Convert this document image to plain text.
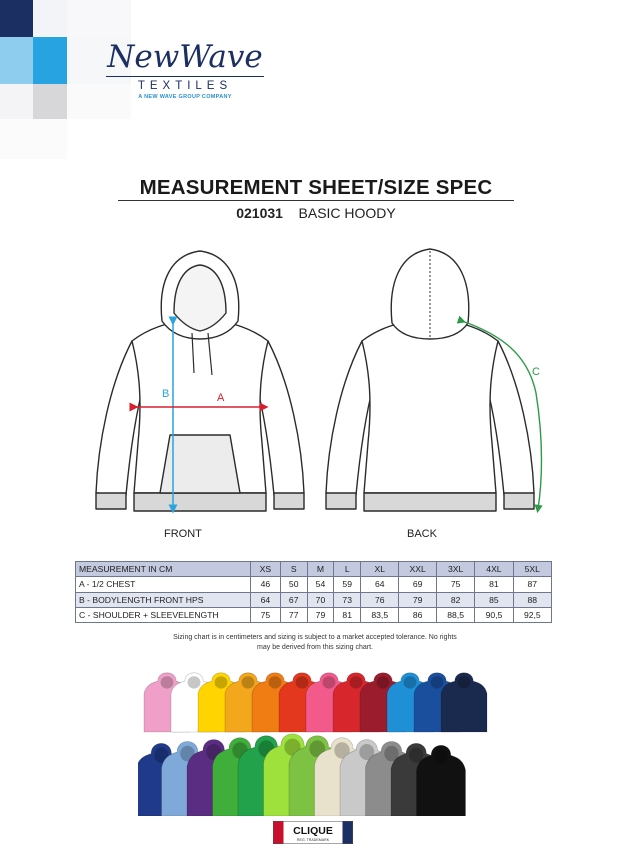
NewWave
TEXTILES
A NEW WAVE GROUP COMPANY
MEASUREMENT SHEET/SIZE SPEC
021031 BASIC HOODY
B	A
C
FRONT	BACK
MEASUREMENT IN CM	XS	S	M	L	XL	XXL	3XL	4XL	5XL
A - 1/2 CHEST	46	50	54	59	64	69	75	81	87
B - BODYLENGTH FRONT HPS	64	67	70	73	76	79	82	85	88
C - SHOULDER + SLEEVELENGTH	75	77	79	81	83,5	86	88,5	90,5	92,5
Sizing chart is in centimeters and sizing is subject to a market accepted tolerance. No rights
may be derived from this sizing chart.
CLIQUE
REG. TRADEMARK
